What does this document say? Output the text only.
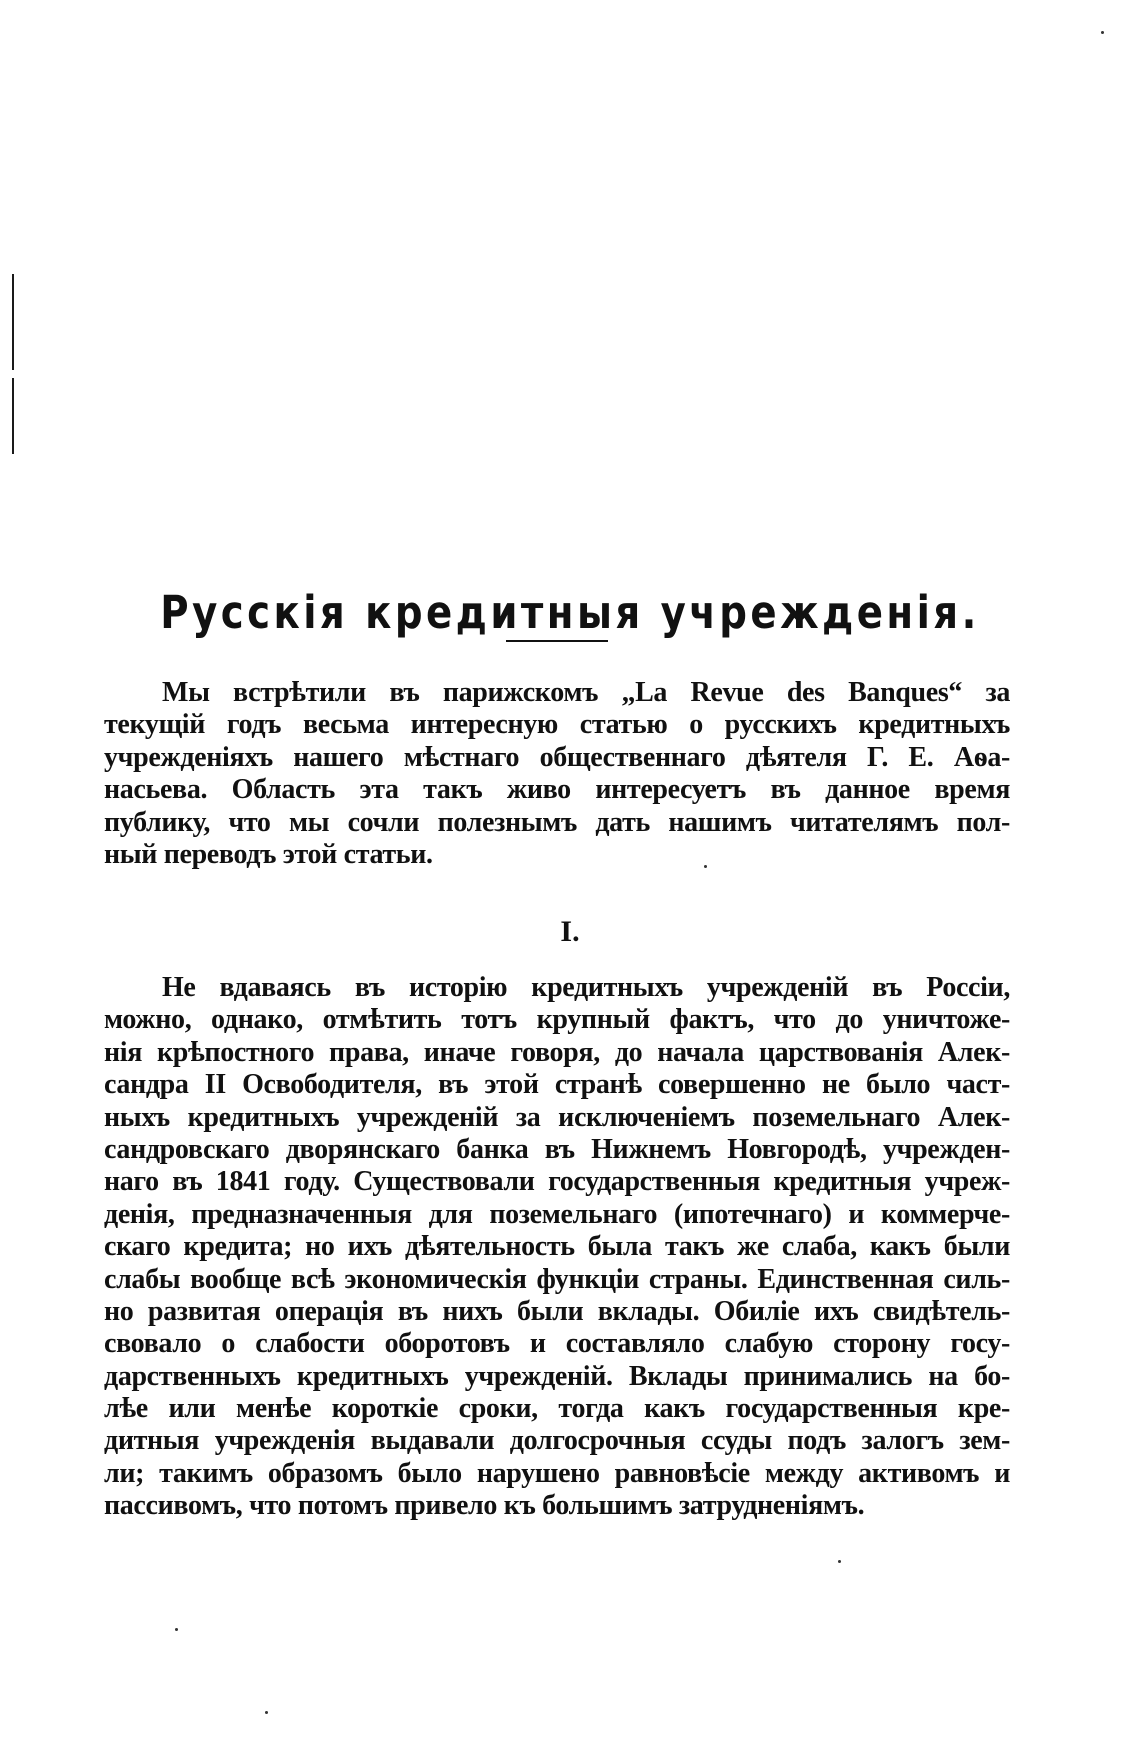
Русскія кредитныя учрежденія.
Мы встрѣтили въ парижскомъ „La Revue des Banques“ за
текущій годъ весьма интересную статью о русскихъ кредитныхъ
учрежденіяхъ нашего мѣстнаго общественнаго дѣятеля Г. Е. Аѳа-
насьева. Область эта такъ живо интересуетъ въ данное время
публику, что мы сочли полезнымъ дать нашимъ читателямъ пол-
ный переводъ этой статьи.
I.
Не вдаваясь въ исторію кредитныхъ учрежденій въ Россіи,
можно, однако, отмѣтить тотъ крупный фактъ, что до уничтоже-
нія крѣпостного права, иначе говоря, до начала царствованія Алек-
сандра II Освободителя, въ этой странѣ совершенно не было част-
ныхъ кредитныхъ учрежденій за исключеніемъ поземельнаго Алек-
сандровскаго дворянскаго банка въ Нижнемъ Новгородѣ, учрежден-
наго въ 1841 году. Существовали государственныя кредитныя учреж-
денія, предназначенныя для поземельнаго (ипотечнаго) и коммерче-
скаго кредита; но ихъ дѣятельность была такъ же слаба, какъ были
слабы вообще всѣ экономическія функціи страны. Единственная силь-
но развитая операція въ нихъ были вклады. Обиліе ихъ свидѣтель-
свовало о слабости оборотовъ и составляло слабую сторону госу-
дарственныхъ кредитныхъ учрежденій. Вклады принимались на бо-
лѣе или менѣе короткіе сроки, тогда какъ государственныя кре-
дитныя учрежденія выдавали долгосрочныя ссуды подъ залогъ зем-
ли; такимъ образомъ было нарушено равновѣсіе между активомъ и
пассивомъ, что потомъ привело къ большимъ затрудненіямъ.
